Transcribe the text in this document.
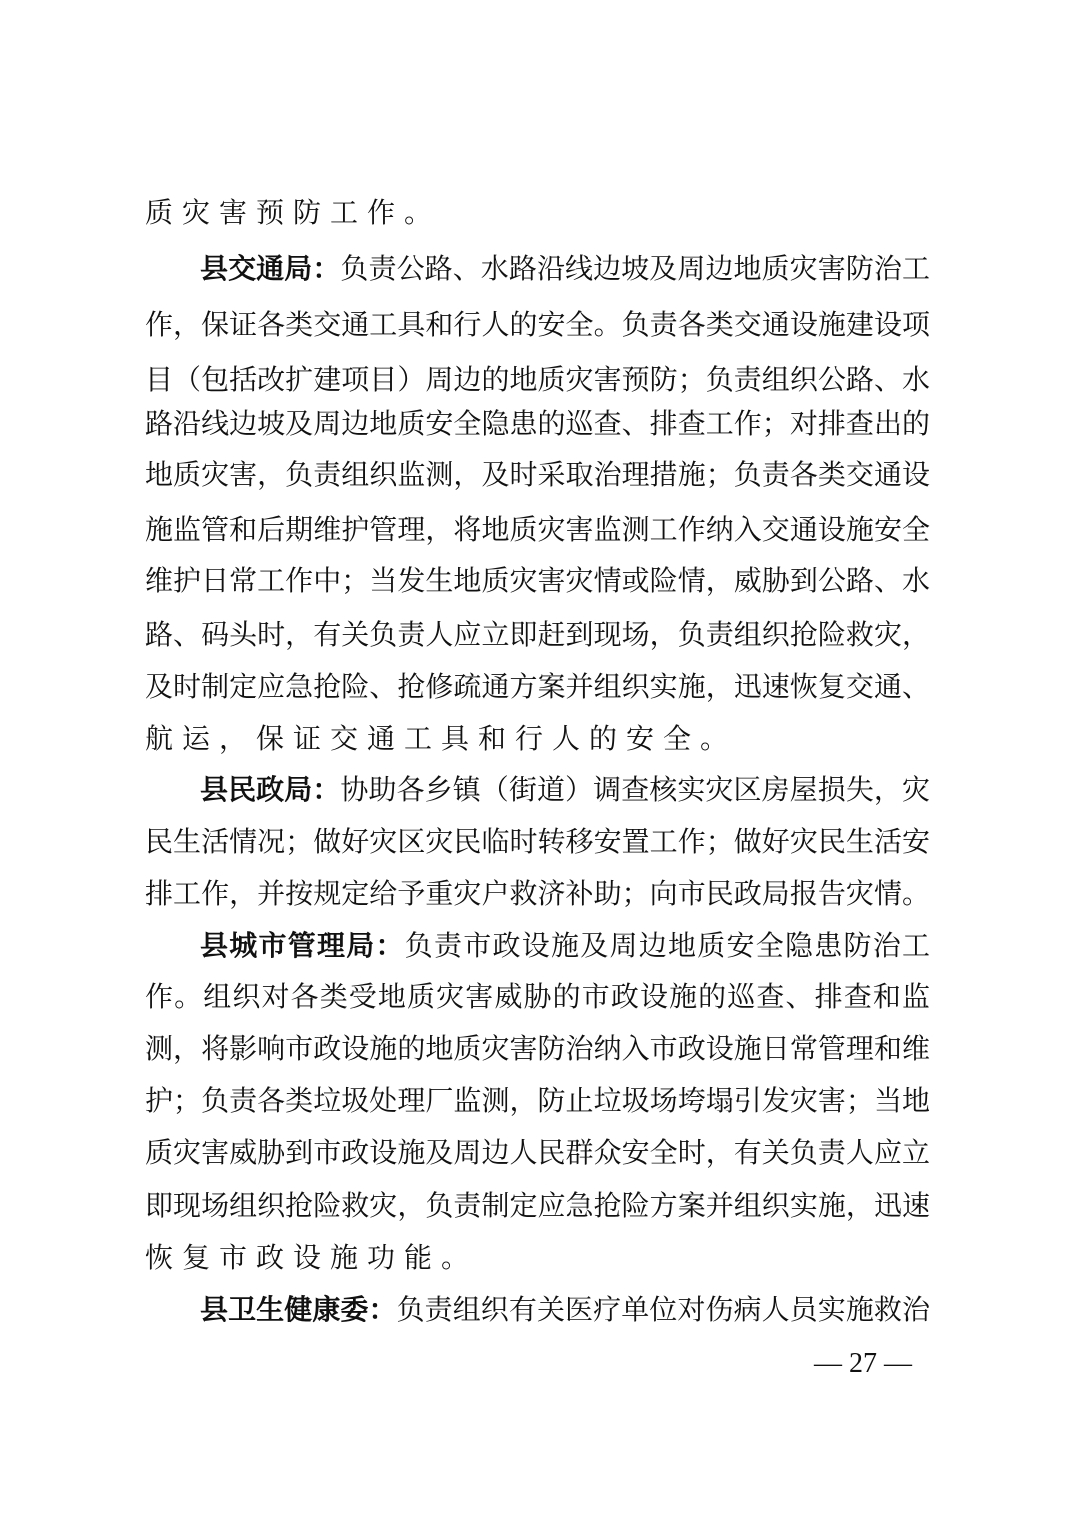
质灾害预防工作。
县交通局：负责公路、水路沿线边坡及周边地质灾害防治工
作，保证各类交通工具和行人的安全。负责各类交通设施建设项
目（包括改扩建项目）周边的地质灾害预防；负责组织公路、水
路沿线边坡及周边地质安全隐患的巡查、排查工作；对排查出的
地质灾害，负责组织监测，及时采取治理措施；负责各类交通设
施监管和后期维护管理，将地质灾害监测工作纳入交通设施安全
维护日常工作中；当发生地质灾害灾情或险情，威胁到公路、水
路、码头时，有关负责人应立即赶到现场，负责组织抢险救灾，
及时制定应急抢险、抢修疏通方案并组织实施，迅速恢复交通、
航运，保证交通工具和行人的安全。
县民政局：协助各乡镇（街道）调查核实灾区房屋损失，灾
民生活情况；做好灾区灾民临时转移安置工作；做好灾民生活安
排工作，并按规定给予重灾户救济补助；向市民政局报告灾情。
县城市管理局：负责市政设施及周边地质安全隐患防治工
作。组织对各类受地质灾害威胁的市政设施的巡查、排查和监
测，将影响市政设施的地质灾害防治纳入市政设施日常管理和维
护；负责各类垃圾处理厂监测，防止垃圾场垮塌引发灾害；当地
质灾害威胁到市政设施及周边人民群众安全时，有关负责人应立
即现场组织抢险救灾，负责制定应急抢险方案并组织实施，迅速
恢复市政设施功能。
县卫生健康委：负责组织有关医疗单位对伤病人员实施救治
— 27 —
